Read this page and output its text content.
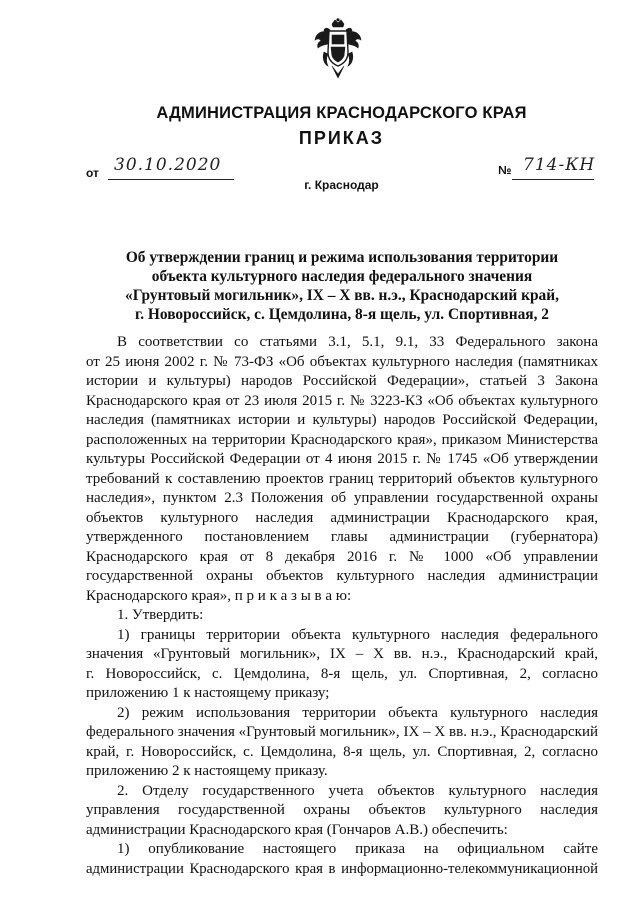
АДМИНИСТРАЦИЯ КРАСНОДАРСКОГО КРАЯ
ПРИКАЗ
от 30.10.2020	№ 714-КН
г. Краснодар
Об утверждении границ и режима использования территории
объекта культурного наследия федерального значения
«Грунтовый могильник», IX – X вв. н.э., Краснодарский край,
г. Новороссийск, с. Цемдолина, 8-я щель, ул. Спортивная, 2
В соответствии со статьями 3.1, 5.1, 9.1, 33 Федерального закона
от 25 июня 2002 г. № 73-ФЗ «Об объектах культурного наследия (памятниках
истории и культуры) народов Российской Федерации», статьей 3 Закона
Краснодарского края от 23 июля 2015 г. № 3223-КЗ «Об объектах культурного
наследия (памятниках истории и культуры) народов Российской Федерации,
расположенных на территории Краснодарского края», приказом Министерства
культуры Российской Федерации от 4 июня 2015 г. № 1745 «Об утверждении
требований к составлению проектов границ территорий объектов культурного
наследия», пунктом 2.3 Положения об управлении государственной охраны
объектов культурного наследия администрации Краснодарского края,
утвержденного постановлением главы администрации (губернатора)
Краснодарского края от 8 декабря 2016 г. № 1000 «Об управлении
государственной охраны объектов культурного наследия администрации
Краснодарского края», п р и к а з ы в а ю:
1. Утвердить:
1) границы территории объекта культурного наследия федерального
значения «Грунтовый могильник», IX – X вв. н.э., Краснодарский край,
г. Новороссийск, с. Цемдолина, 8-я щель, ул. Спортивная, 2, согласно
приложению 1 к настоящему приказу;
2) режим использования территории объекта культурного наследия
федерального значения «Грунтовый могильник», IX – X вв. н.э., Краснодарский
край, г. Новороссийск, с. Цемдолина, 8-я щель, ул. Спортивная, 2, согласно
приложению 2 к настоящему приказу.
2. Отделу государственного учета объектов культурного наследия
управления государственной охраны объектов культурного наследия
администрации Краснодарского края (Гончаров А.В.) обеспечить:
1) опубликование настоящего приказа на официальном сайте
администрации Краснодарского края в информационно-телекоммуникационной
